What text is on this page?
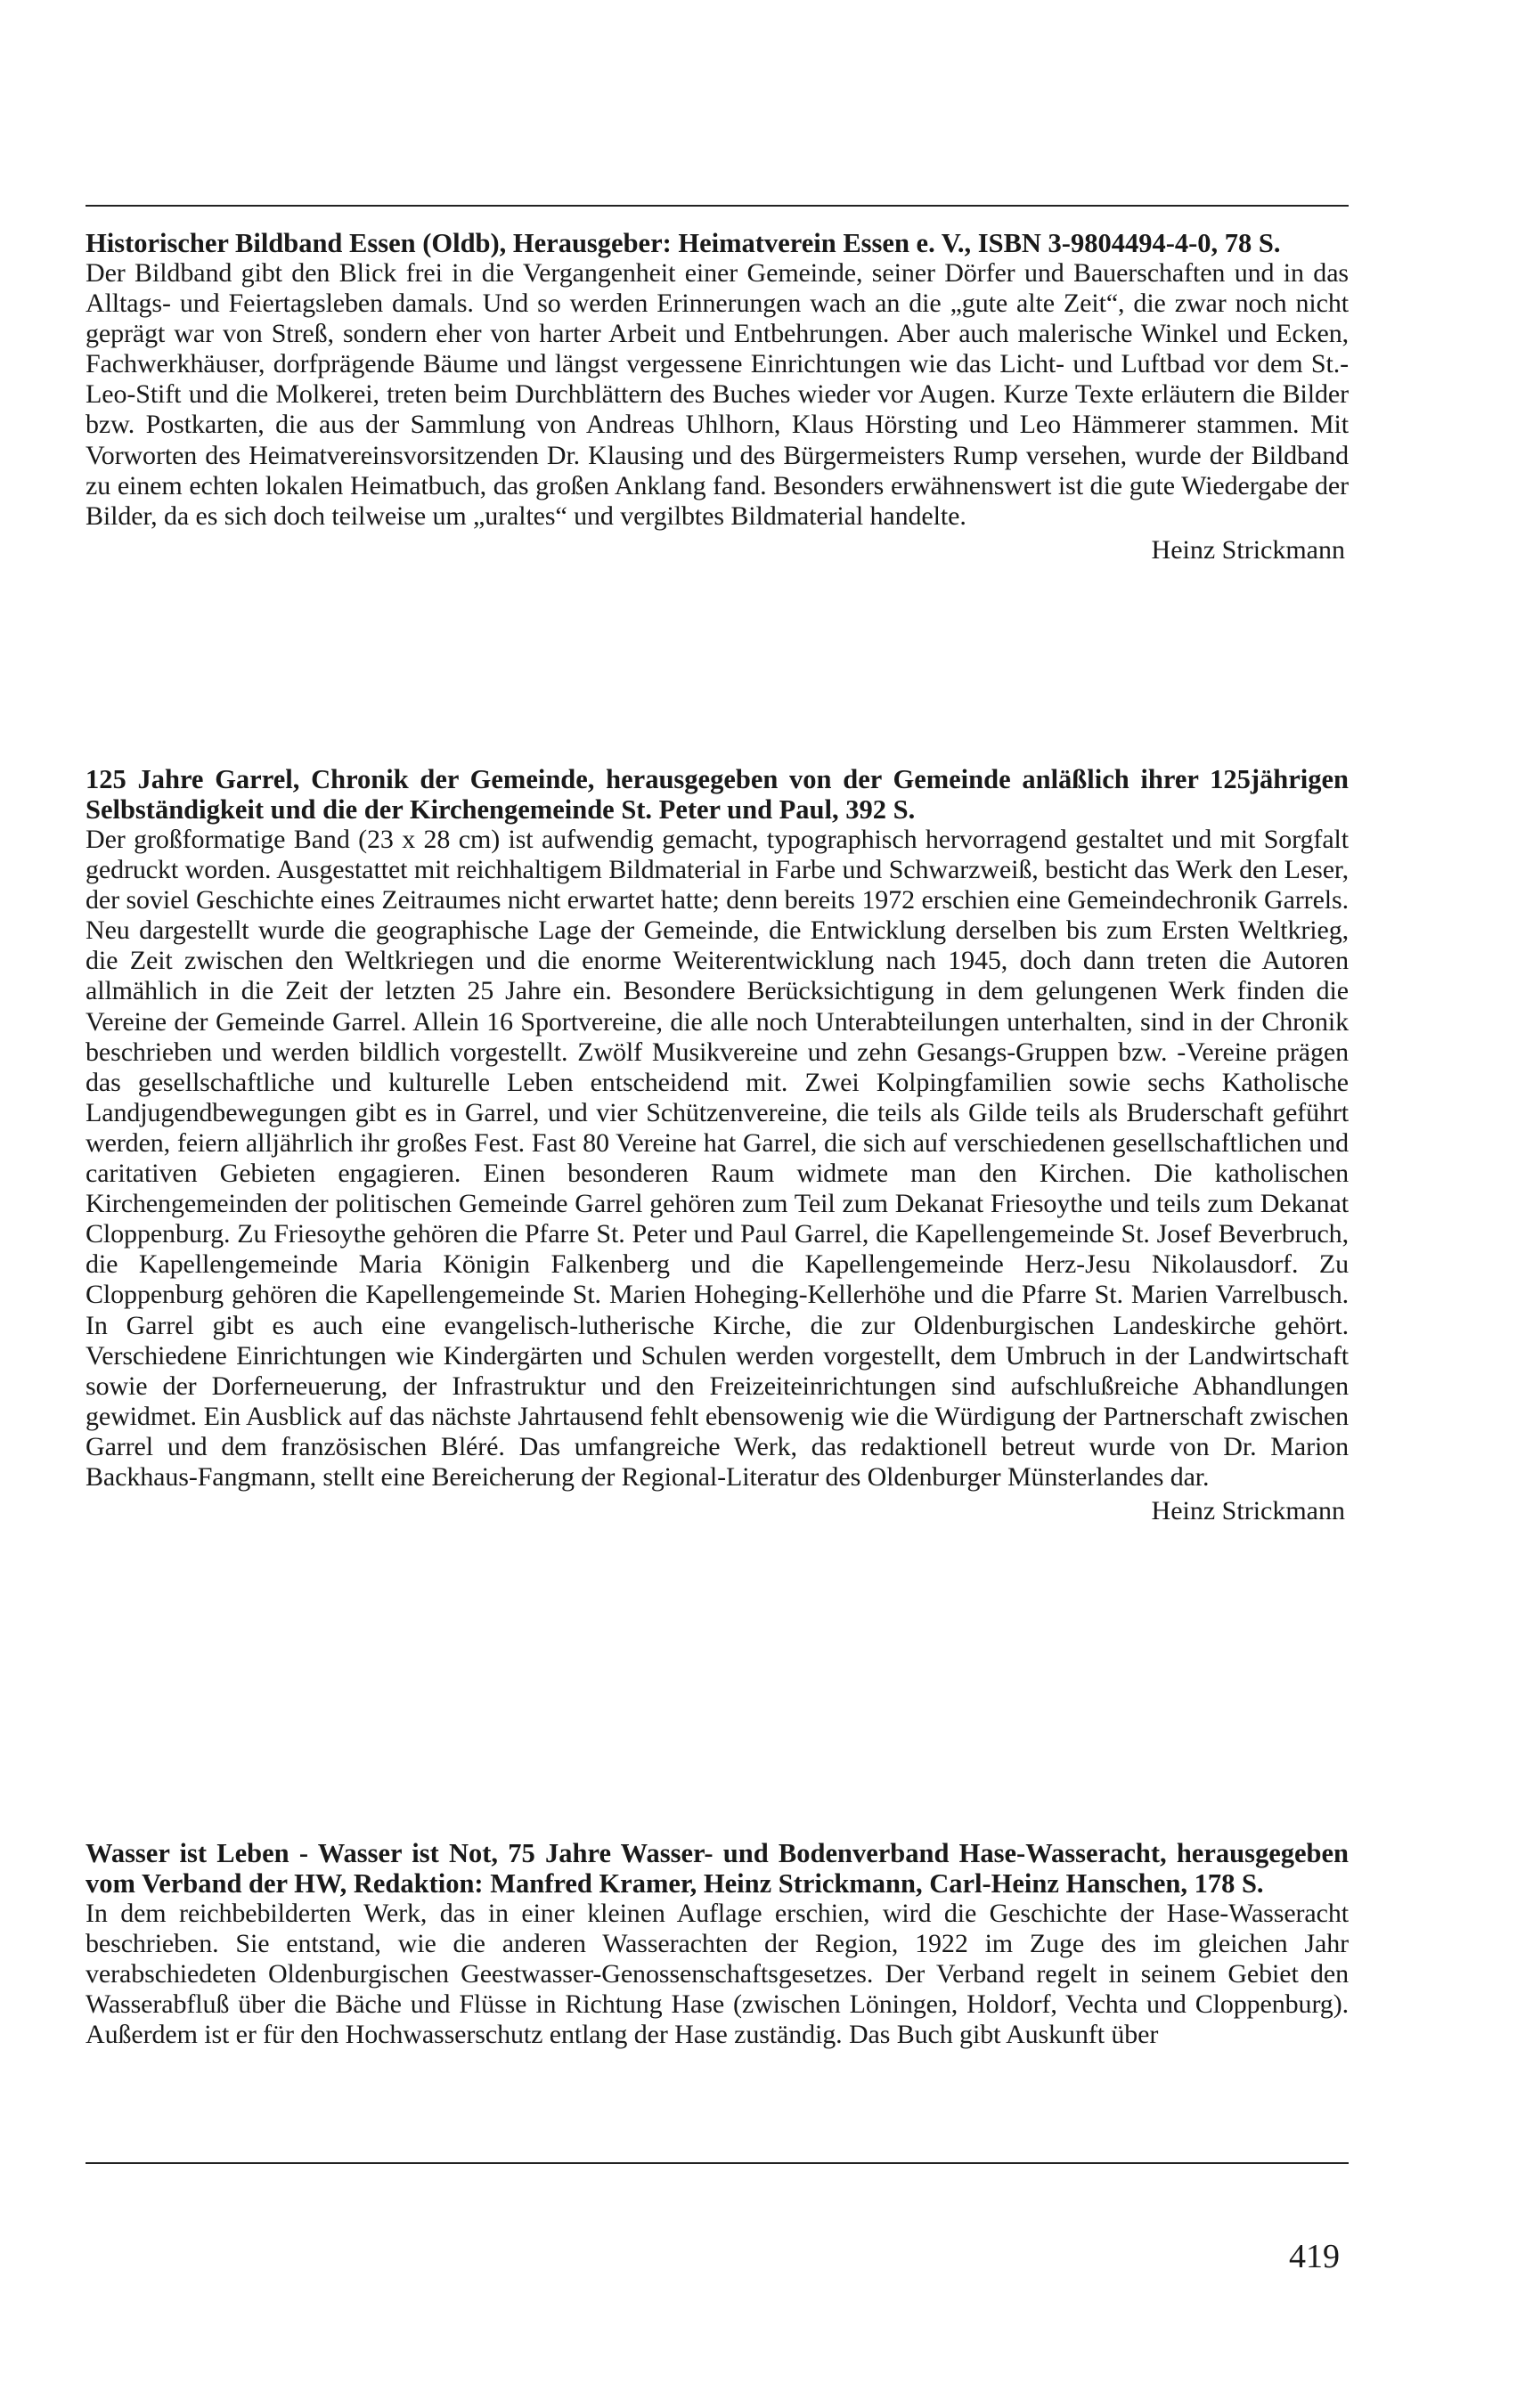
Historischer Bildband Essen (Oldb), Herausgeber: Heimatverein Essen e. V., ISBN 3-9804494-4-0, 78 S.

Der Bildband gibt den Blick frei in die Vergangenheit einer Gemeinde, seiner Dörfer und Bauerschaften und in das Alltags- und Feiertagsleben damals. Und so werden Erinnerungen wach an die „gute alte Zeit“, die zwar noch nicht geprägt war von Streß, sondern eher von harter Arbeit und Entbehrungen. Aber auch malerische Winkel und Ecken, Fachwerkhäuser, dorfprägende Bäume und längst vergessene Einrichtungen wie das Licht- und Luftbad vor dem St.-Leo-Stift und die Molkerei, treten beim Durchblättern des Buches wieder vor Augen. Kurze Texte erläutern die Bilder bzw. Postkarten, die aus der Sammlung von Andreas Uhlhorn, Klaus Hörsting und Leo Hämmerer stammen. Mit Vorworten des Heimatvereinsvorsitzenden Dr. Klausing und des Bürgermeisters Rump versehen, wurde der Bildband zu einem echten lokalen Heimatbuch, das großen Anklang fand. Besonders erwähnenswert ist die gute Wiedergabe der Bilder, da es sich doch teilweise um „uraltes“ und vergilbtes Bildmaterial handelte.

Heinz Strickmann

125 Jahre Garrel, Chronik der Gemeinde, herausgegeben von der Gemeinde anläßlich ihrer 125jährigen Selbständigkeit und die der Kirchengemeinde St. Peter und Paul, 392 S.

Der großformatige Band (23 x 28 cm) ist aufwendig gemacht, typographisch hervorragend gestaltet und mit Sorgfalt gedruckt worden. Ausgestattet mit reichhaltigem Bildmaterial in Farbe und Schwarzweiß, besticht das Werk den Leser, der soviel Geschichte eines Zeitraumes nicht erwartet hatte; denn bereits 1972 erschien eine Gemeindechronik Garrels. Neu dargestellt wurde die geographische Lage der Gemeinde, die Entwicklung derselben bis zum Ersten Weltkrieg, die Zeit zwischen den Weltkriegen und die enorme Weiterentwicklung nach 1945, doch dann treten die Autoren allmählich in die Zeit der letzten 25 Jahre ein. Besondere Berücksichtigung in dem gelungenen Werk finden die Vereine der Gemeinde Garrel. Allein 16 Sportvereine, die alle noch Unterabteilungen unterhalten, sind in der Chronik beschrieben und werden bildlich vorgestellt. Zwölf Musikvereine und zehn Gesangs-Gruppen bzw. -Vereine prägen das gesellschaftliche und kulturelle Leben entscheidend mit. Zwei Kolpingfamilien sowie sechs Katholische Landjugendbewegungen gibt es in Garrel, und vier Schützenvereine, die teils als Gilde teils als Bruderschaft geführt werden, feiern alljährlich ihr großes Fest. Fast 80 Vereine hat Garrel, die sich auf verschiedenen gesellschaftlichen und caritativen Gebieten engagieren. Einen besonderen Raum widmete man den Kirchen. Die katholischen Kirchengemeinden der politischen Gemeinde Garrel gehören zum Teil zum Dekanat Friesoythe und teils zum Dekanat Cloppenburg. Zu Friesoythe gehören die Pfarre St. Peter und Paul Garrel, die Kapellengemeinde St. Josef Beverbruch, die Kapellengemeinde Maria Königin Falkenberg und die Kapellengemeinde Herz-Jesu Nikolausdorf. Zu Cloppenburg gehören die Kapellengemeinde St. Marien Hoheging-Kellerhöhe und die Pfarre St. Marien Varrelbusch. In Garrel gibt es auch eine evangelisch-lutherische Kirche, die zur Oldenburgischen Landeskirche gehört. Verschiedene Einrichtungen wie Kindergärten und Schulen werden vorgestellt, dem Umbruch in der Landwirtschaft sowie der Dorferneuerung, der Infrastruktur und den Freizeiteinrichtungen sind aufschlußreiche Abhandlungen gewidmet. Ein Ausblick auf das nächste Jahrtausend fehlt ebensowenig wie die Würdigung der Partnerschaft zwischen Garrel und dem französischen Bléré. Das umfangreiche Werk, das redaktionell betreut wurde von Dr. Marion Backhaus-Fangmann, stellt eine Bereicherung der Regional-Literatur des Oldenburger Münsterlandes dar.

Heinz Strickmann

Wasser ist Leben - Wasser ist Not, 75 Jahre Wasser- und Bodenverband Hase-Wasseracht, herausgegeben vom Verband der HW, Redaktion: Manfred Kramer, Heinz Strickmann, Carl-Heinz Hanschen, 178 S.

In dem reichbebilderten Werk, das in einer kleinen Auflage erschien, wird die Geschichte der Hase-Wasseracht beschrieben. Sie entstand, wie die anderen Wasserachten der Region, 1922 im Zuge des im gleichen Jahr verabschiedeten Oldenburgischen Geestwasser-Genossenschaftsgesetzes. Der Verband regelt in seinem Gebiet den Wasserabfluß über die Bäche und Flüsse in Richtung Hase (zwischen Löningen, Holdorf, Vechta und Cloppenburg). Außerdem ist er für den Hochwasserschutz entlang der Hase zuständig. Das Buch gibt Auskunft über

419
